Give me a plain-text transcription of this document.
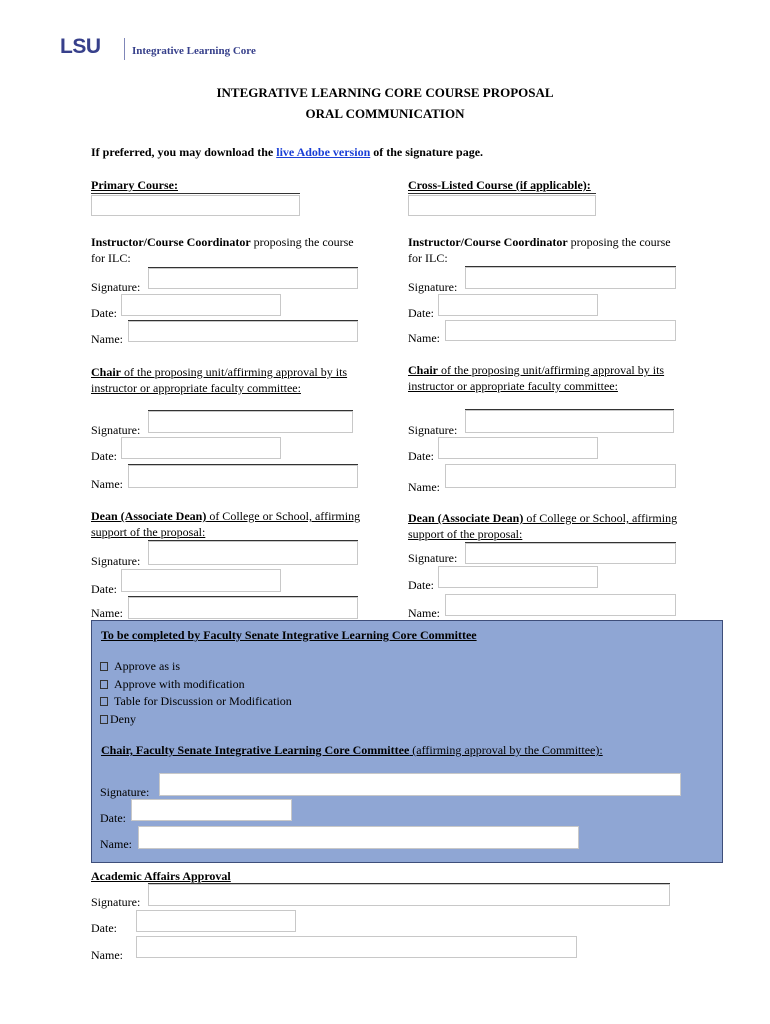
LSU	Integrative Learning Core
INTEGRATIVE LEARNING CORE COURSE PROPOSAL
ORAL COMMUNICATION
If preferred, you may download the live Adobe version of the signature page.
Primary Course:
Instructor/Course Coordinator proposing the course for ILC:
Signature:
Date:
Name:
Chair of the proposing unit/affirming approval by its instructor or appropriate faculty committee:
Signature:
Date:
Name:
Dean (Associate Dean) of College or School, affirming support of the proposal:
Signature:
Date:
Name:
Cross-Listed Course (if applicable):
Instructor/Course Coordinator proposing the course for ILC:
Signature:
Date:
Name:
Chair of the proposing unit/affirming approval by its instructor or appropriate faculty committee:
Signature:
Date:
Name:
Dean (Associate Dean) of College or School, affirming support of the proposal:
Signature:
Date:
Name:
To be completed by Faculty Senate Integrative Learning Core Committee
Approve as is
Approve with modification
Table for Discussion or Modification
Deny
Chair, Faculty Senate Integrative Learning Core Committee (affirming approval by the Committee):
Signature:
Date:
Name:
Academic Affairs Approval
Signature:
Date:
Name:
